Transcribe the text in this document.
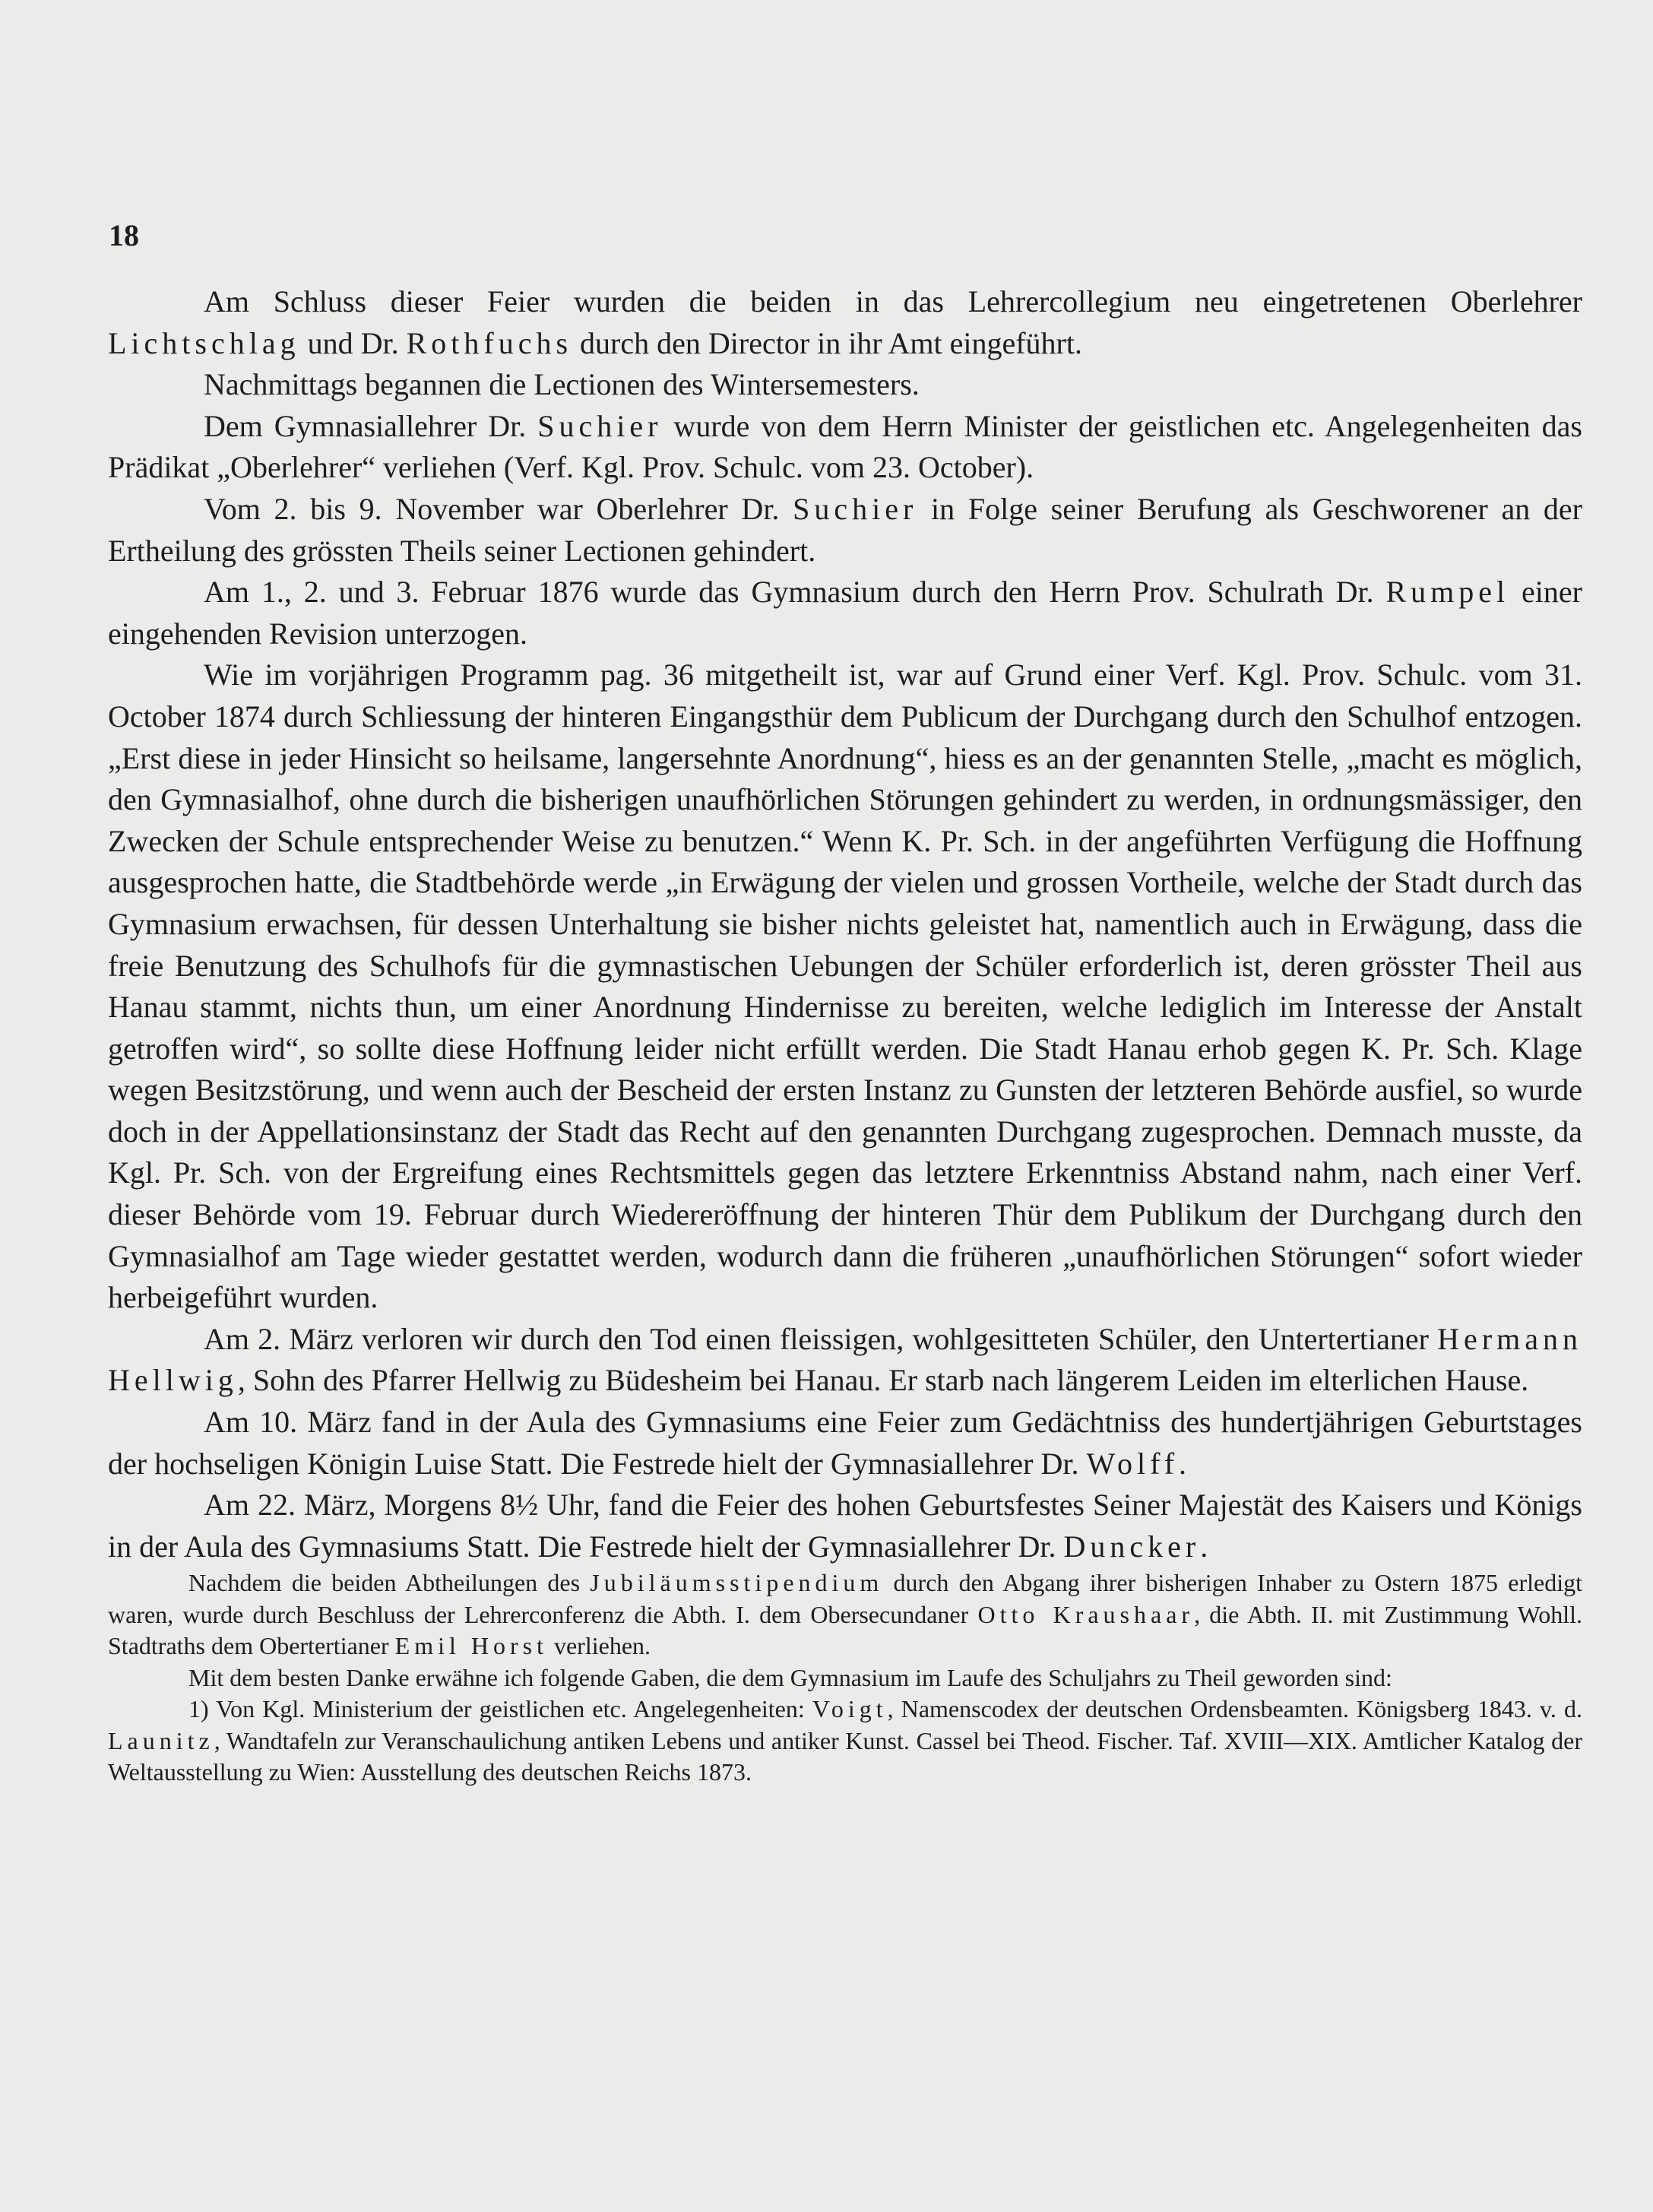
18

Am Schluss dieser Feier wurden die beiden in das Lehrercollegium neu eingetretenen Oberlehrer Lichtschlag und Dr. Rothfuchs durch den Director in ihr Amt eingeführt.

Nachmittags begannen die Lectionen des Wintersemesters.

Dem Gymnasiallehrer Dr. Suchier wurde von dem Herrn Minister der geistlichen etc. Angelegenheiten das Prädikat „Oberlehrer“ verliehen (Verf. Kgl. Prov. Schulc. vom 23. October).

Vom 2. bis 9. November war Oberlehrer Dr. Suchier in Folge seiner Berufung als Geschworener an der Ertheilung des grössten Theils seiner Lectionen gehindert.

Am 1., 2. und 3. Februar 1876 wurde das Gymnasium durch den Herrn Prov. Schulrath Dr. Rumpel einer eingehenden Revision unterzogen.

Wie im vorjährigen Programm pag. 36 mitgetheilt ist, war auf Grund einer Verf. Kgl. Prov. Schulc. vom 31. October 1874 durch Schliessung der hinteren Eingangsthür dem Publicum der Durchgang durch den Schulhof entzogen. „Erst diese in jeder Hinsicht so heilsame, langersehnte Anordnung“, hiess es an der genannten Stelle, „macht es möglich, den Gymnasialhof, ohne durch die bisherigen unaufhörlichen Störungen gehindert zu werden, in ordnungsmässiger, den Zwecken der Schule entsprechender Weise zu benutzen.“ Wenn K. Pr. Sch. in der angeführten Verfügung die Hoffnung ausgesprochen hatte, die Stadtbehörde werde „in Erwägung der vielen und grossen Vortheile, welche der Stadt durch das Gymnasium erwachsen, für dessen Unterhaltung sie bisher nichts geleistet hat, namentlich auch in Erwägung, dass die freie Benutzung des Schulhofs für die gymnastischen Uebungen der Schüler erforderlich ist, deren grösster Theil aus Hanau stammt, nichts thun, um einer Anordnung Hindernisse zu bereiten, welche lediglich im Interesse der Anstalt getroffen wird“, so sollte diese Hoffnung leider nicht erfüllt werden. Die Stadt Hanau erhob gegen K. Pr. Sch. Klage wegen Besitzstörung, und wenn auch der Bescheid der ersten Instanz zu Gunsten der letzteren Behörde ausfiel, so wurde doch in der Appellationsinstanz der Stadt das Recht auf den genannten Durchgang zugesprochen. Demnach musste, da Kgl. Pr. Sch. von der Ergreifung eines Rechtsmittels gegen das letztere Erkenntniss Abstand nahm, nach einer Verf. dieser Behörde vom 19. Februar durch Wiedereröffnung der hinteren Thür dem Publikum der Durchgang durch den Gymnasialhof am Tage wieder gestattet werden, wodurch dann die früheren „unaufhörlichen Störungen“ sofort wieder herbeigeführt wurden.

Am 2. März verloren wir durch den Tod einen fleissigen, wohlgesitteten Schüler, den Untertertianer Hermann Hellwig, Sohn des Pfarrer Hellwig zu Büdesheim bei Hanau. Er starb nach längerem Leiden im elterlichen Hause.

Am 10. März fand in der Aula des Gymnasiums eine Feier zum Gedächtniss des hundertjährigen Geburtstages der hochseligen Königin Luise Statt. Die Festrede hielt der Gymnasiallehrer Dr. Wolff.

Am 22. März, Morgens 8½ Uhr, fand die Feier des hohen Geburtsfestes Seiner Majestät des Kaisers und Königs in der Aula des Gymnasiums Statt. Die Festrede hielt der Gymnasiallehrer Dr. Duncker.

Nachdem die beiden Abtheilungen des Jubiläumsstipendium durch den Abgang ihrer bisherigen Inhaber zu Ostern 1875 erledigt waren, wurde durch Beschluss der Lehrerconferenz die Abth. I. dem Obersecundaner Otto Kraushaar, die Abth. II. mit Zustimmung Wohll. Stadtraths dem Obertertianer Emil Horst verliehen.

Mit dem besten Danke erwähne ich folgende Gaben, die dem Gymnasium im Laufe des Schuljahrs zu Theil geworden sind:

1) Von Kgl. Ministerium der geistlichen etc. Angelegenheiten: Voigt, Namenscodex der deutschen Ordensbeamten. Königsberg 1843. v. d. Launitz, Wandtafeln zur Veranschaulichung antiken Lebens und antiker Kunst. Cassel bei Theod. Fischer. Taf. XVIII—XIX. Amtlicher Katalog der Weltausstellung zu Wien: Ausstellung des deutschen Reichs 1873.
